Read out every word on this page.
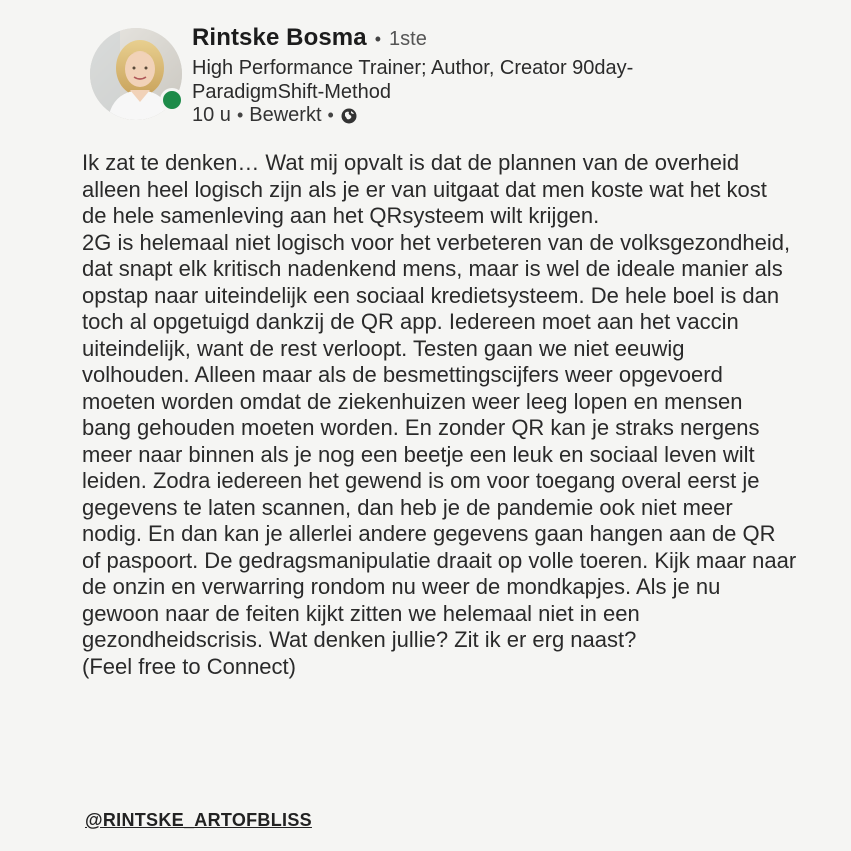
Rintske Bosma • 1ste
High Performance Trainer; Author, Creator 90day-
ParadigmShift-Method
10 u • Bewerkt •

Ik zat te denken… Wat mij opvalt is dat de plannen van de overheid alleen heel logisch zijn als je er van uitgaat dat men koste wat het kost de hele samenleving aan het QRsysteem wilt krijgen.

2G is helemaal niet logisch voor het verbeteren van de volksgezondheid, dat snapt elk kritisch nadenkend mens, maar is wel de ideale manier als opstap naar uiteindelijk een sociaal kredietsysteem. De hele boel is dan toch al opgetuigd dankzij de QR app. Iedereen moet aan het vaccin uiteindelijk, want de rest verloopt. Testen gaan we niet eeuwig volhouden. Alleen maar als de besmettingscijfers weer opgevoerd moeten worden omdat de ziekenhuizen weer leeg lopen en mensen bang gehouden moeten worden. En zonder QR kan je straks nergens meer naar binnen als je nog een beetje een leuk en sociaal leven wilt leiden. Zodra iedereen het gewend is om voor toegang overal eerst je gegevens te laten scannen, dan heb je de pandemie ook niet meer nodig. En dan kan je allerlei andere gegevens gaan hangen aan de QR of paspoort. De gedragsmanipulatie draait op volle toeren. Kijk maar naar de onzin en verwarring rondom nu weer de mondkapjes. Als je nu gewoon naar de feiten kijkt zitten we helemaal niet in een gezondheidscrisis. Wat denken jullie? Zit ik er erg naast?

(Feel free to Connect)

@RINTSKE_ARTOFBLISS
